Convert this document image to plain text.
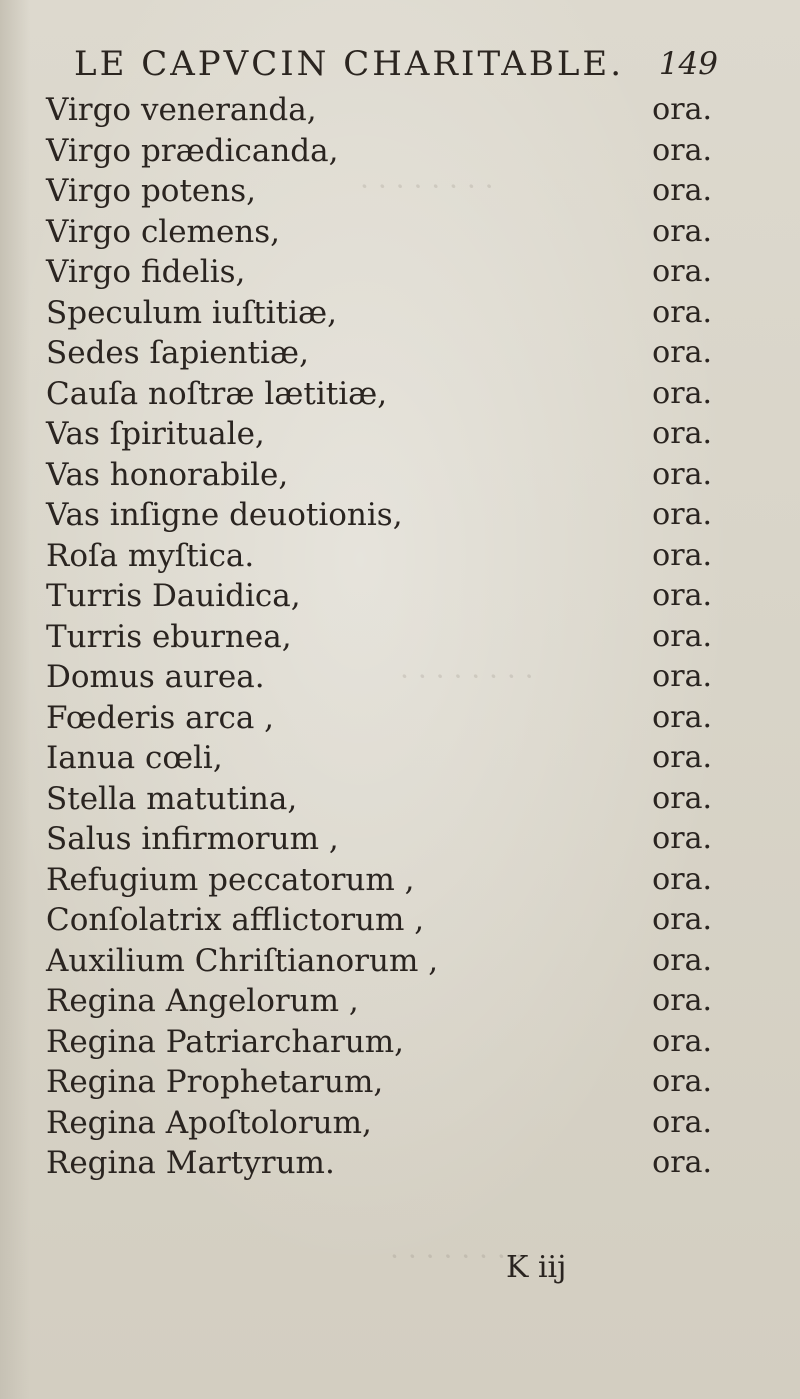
· · · · · · · ·
· · · · · · · ·
· · · · · · · ·
LE CAPVCIN CHARITABLE. 149
Virgo veneranda,	ora.
Virgo prædicanda,	ora.
Virgo potens,	ora.
Virgo clemens,	ora.
Virgo fidelis,	ora.
Speculum iuſtitiæ,	ora.
Sedes ſapientiæ,	ora.
Cauſa noſtræ lætitiæ,	ora.
Vas ſpirituale,	ora.
Vas honorabile,	ora.
Vas inſigne deuotionis,	ora.
Roſa myſtica.	ora.
Turris Dauidica,	ora.
Turris eburnea,	ora.
Domus aurea.	ora.
Fœderis arca ,	ora.
Ianua cœli,	ora.
Stella matutina,	ora.
Salus infirmorum ,	ora.
Refugium peccatorum ,	ora.
Conſolatrix afflictorum ,	ora.
Auxilium Chriſtianorum ,	ora.
Regina Angelorum ,	ora.
Regina Patriarcharum,	ora.
Regina Prophetarum,	ora.
Regina Apoſtolorum,	ora.
Regina Martyrum.	ora.
K iij
